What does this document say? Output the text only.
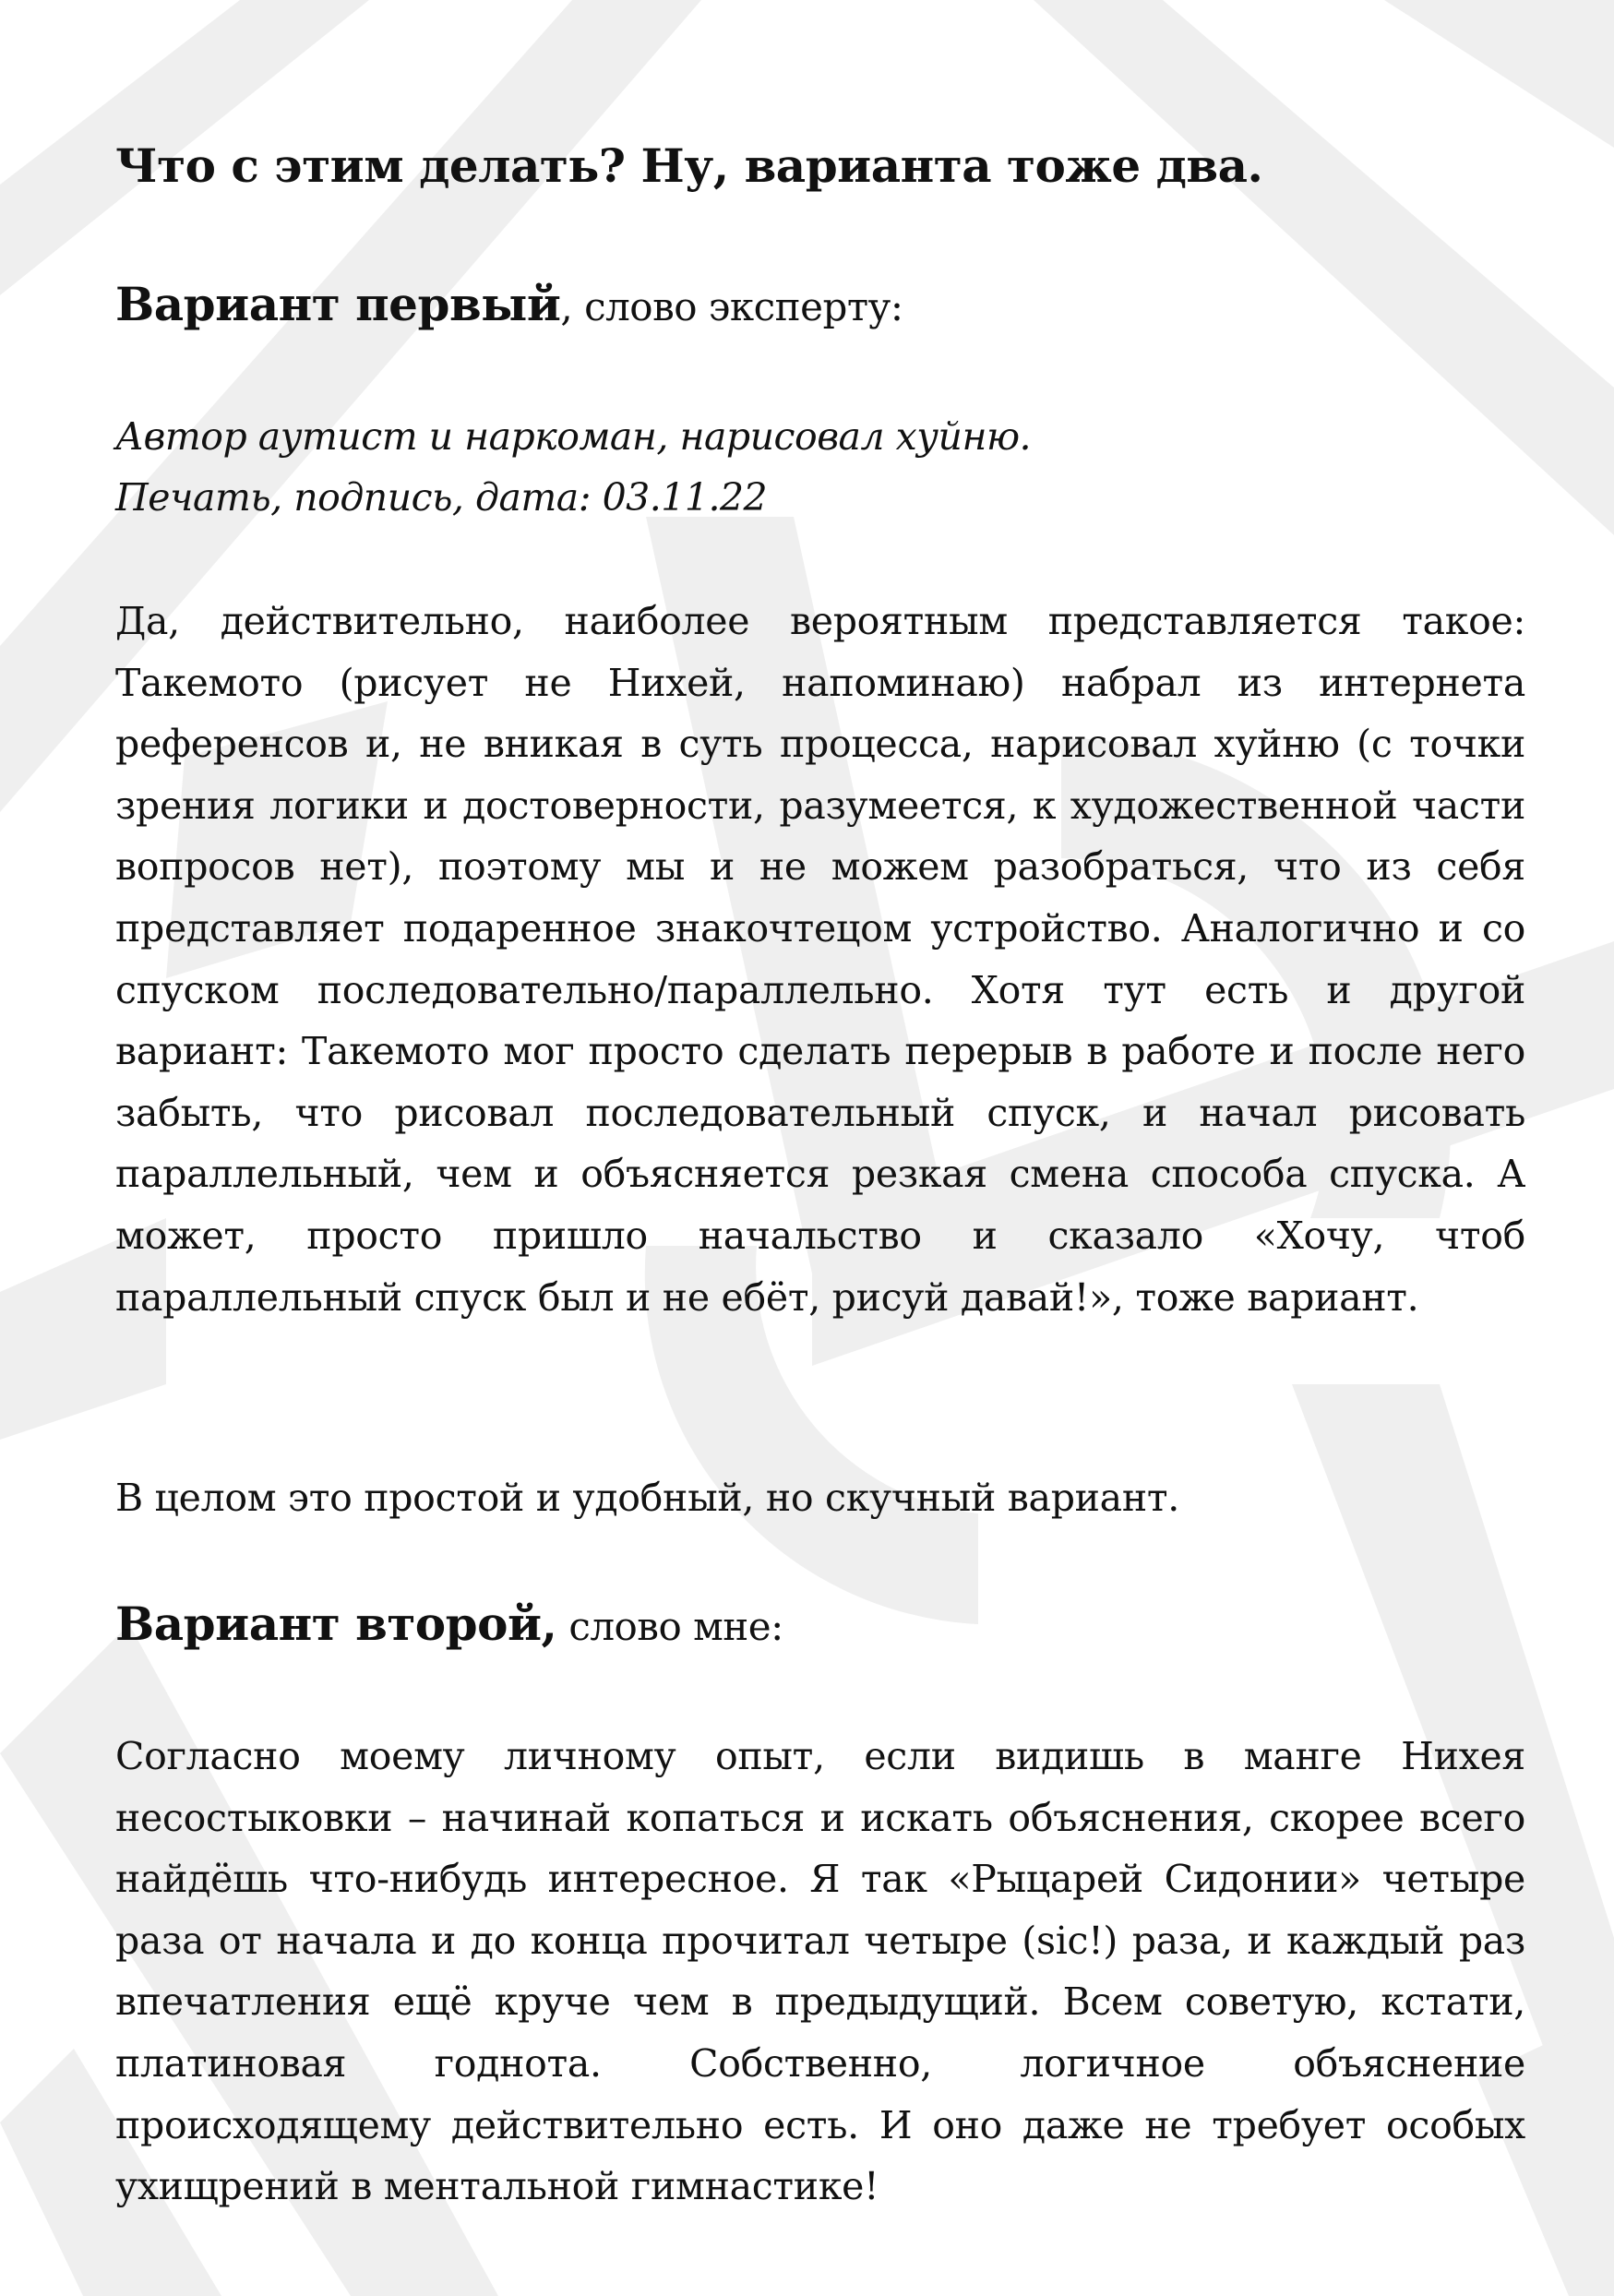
Что с этим делать? Ну, варианта тоже два.

Вариант первый, слово эксперту:

Автор аутист и наркоман, нарисовал хуйню.
Печать, подпись, дата: 03.11.22

Да, действительно, наиболее вероятным представляется такое: Такемото (рисует не Нихей, напоминаю) набрал из интернета референсов и, не вникая в суть процесса, нарисовал хуйню (с точки зрения логики и достоверности, разумеется, к художественной части вопросов нет), поэтому мы и не можем разобраться, что из себя представляет подаренное знакочтецом устройство. Аналогично и со спуском последовательно/параллельно. Хотя тут есть и другой вариант: Такемото мог просто сделать перерыв в работе и после него забыть, что рисовал последовательный спуск, и начал рисовать параллельный, чем и объясняется резкая смена способа спуска. А может, просто пришло начальство и сказало «Хочу, чтоб параллельный спуск был и не ебёт, рисуй давай!», тоже вариант.

В целом это простой и удобный, но скучный вариант.

Вариант второй, слово мне:

Согласно моему личному опыт, если видишь в манге Нихея несостыковки – начинай копаться и искать объяснения, скорее всего найдёшь что-нибудь интересное. Я так «Рыцарей Сидонии» четыре раза от начала и до конца прочитал четыре (sic!) раза, и каждый раз впечатления ещё круче чем в предыдущий. Всем советую, кстати, платиновая годнота. Собственно, логичное объяснение происходящему действительно есть. И оно даже не требует особых ухищрений в ментальной гимнастике!
